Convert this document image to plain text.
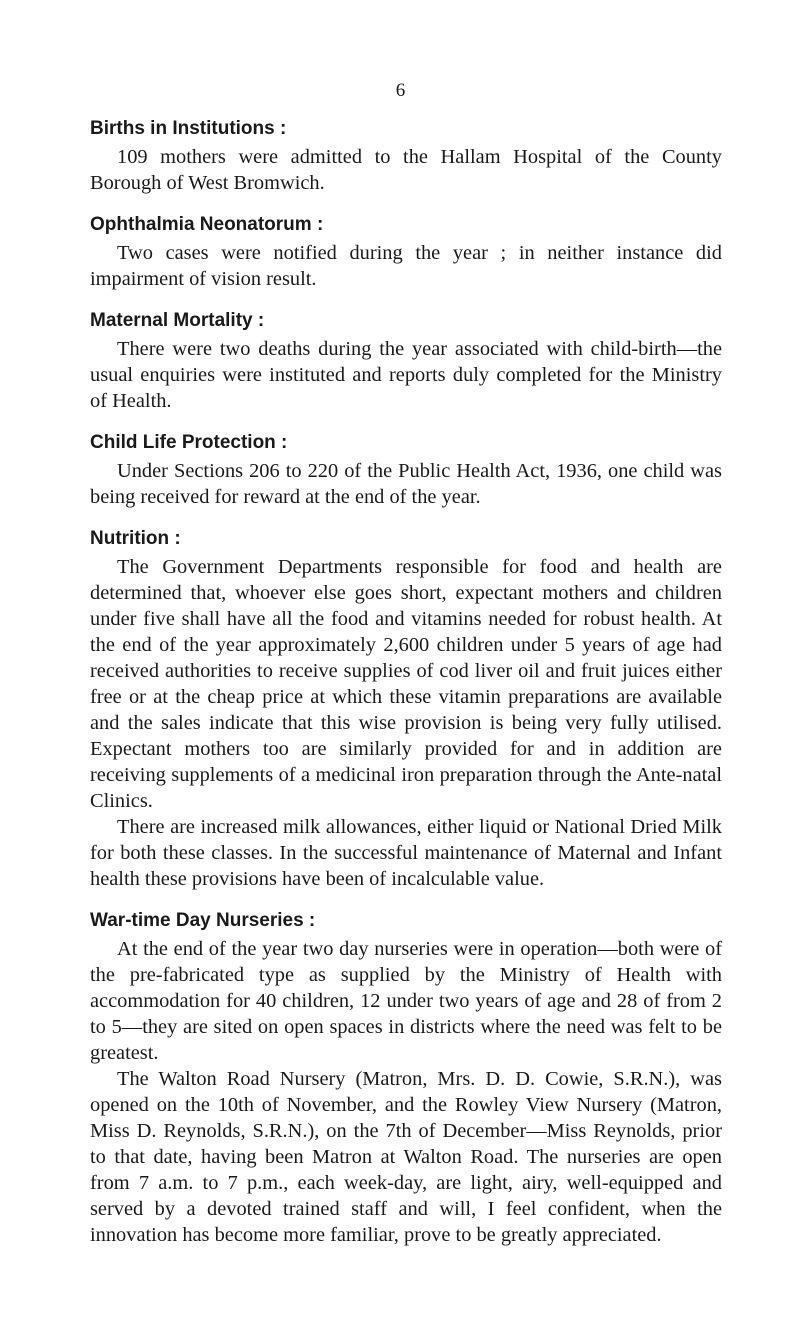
6
Births in Institutions :

109 mothers were admitted to the Hallam Hospital of the County Borough of West Bromwich.

Ophthalmia Neonatorum :

Two cases were notified during the year ; in neither instance did impairment of vision result.

Maternal Mortality :

There were two deaths during the year associated with child-birth—the usual enquiries were instituted and reports duly completed for the Ministry of Health.

Child Life Protection :

Under Sections 206 to 220 of the Public Health Act, 1936, one child was being received for reward at the end of the year.

Nutrition :

The Government Departments responsible for food and health are determined that, whoever else goes short, expectant mothers and children under five shall have all the food and vitamins needed for robust health. At the end of the year approximately 2,600 children under 5 years of age had received authorities to receive supplies of cod liver oil and fruit juices either free or at the cheap price at which these vitamin preparations are available and the sales indicate that this wise provision is being very fully utilised. Expectant mothers too are similarly provided for and in addition are receiving supplements of a medicinal iron preparation through the Ante-natal Clinics.

There are increased milk allowances, either liquid or National Dried Milk for both these classes. In the successful maintenance of Maternal and Infant health these provisions have been of incalculable value.

War-time Day Nurseries :

At the end of the year two day nurseries were in operation—both were of the pre-fabricated type as supplied by the Ministry of Health with accommodation for 40 children, 12 under two years of age and 28 of from 2 to 5—they are sited on open spaces in districts where the need was felt to be greatest.

The Walton Road Nursery (Matron, Mrs. D. D. Cowie, S.R.N.), was opened on the 10th of November, and the Rowley View Nursery (Matron, Miss D. Reynolds, S.R.N.), on the 7th of December—Miss Reynolds, prior to that date, having been Matron at Walton Road. The nurseries are open from 7 a.m. to 7 p.m., each week-day, are light, airy, well-equipped and served by a devoted trained staff and will, I feel confident, when the innovation has become more familiar, prove to be greatly appreciated.
